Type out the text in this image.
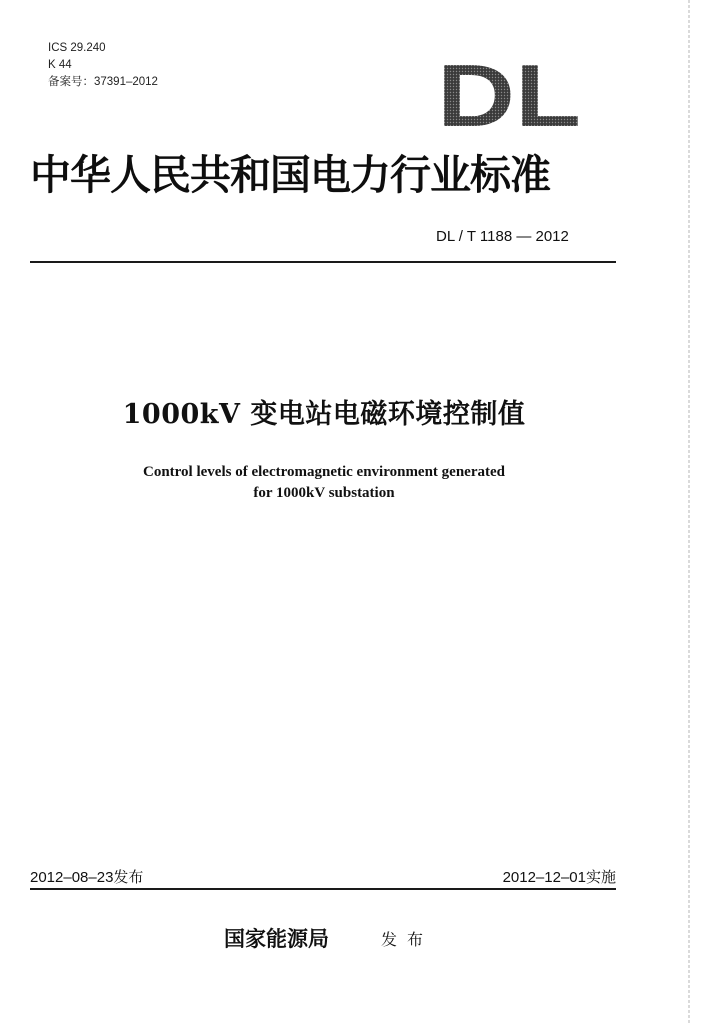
ICS 29.240
K 44
备案号：37391–2012	DL
中华人民共和国电力行业标准
DL / T 1188 — 2012
1000kV 变电站电磁环境控制值
Control levels of electromagnetic environment generated
for 1000kV substation
2012–08–23发布	2012–12–01实施
国家能源局	发布
